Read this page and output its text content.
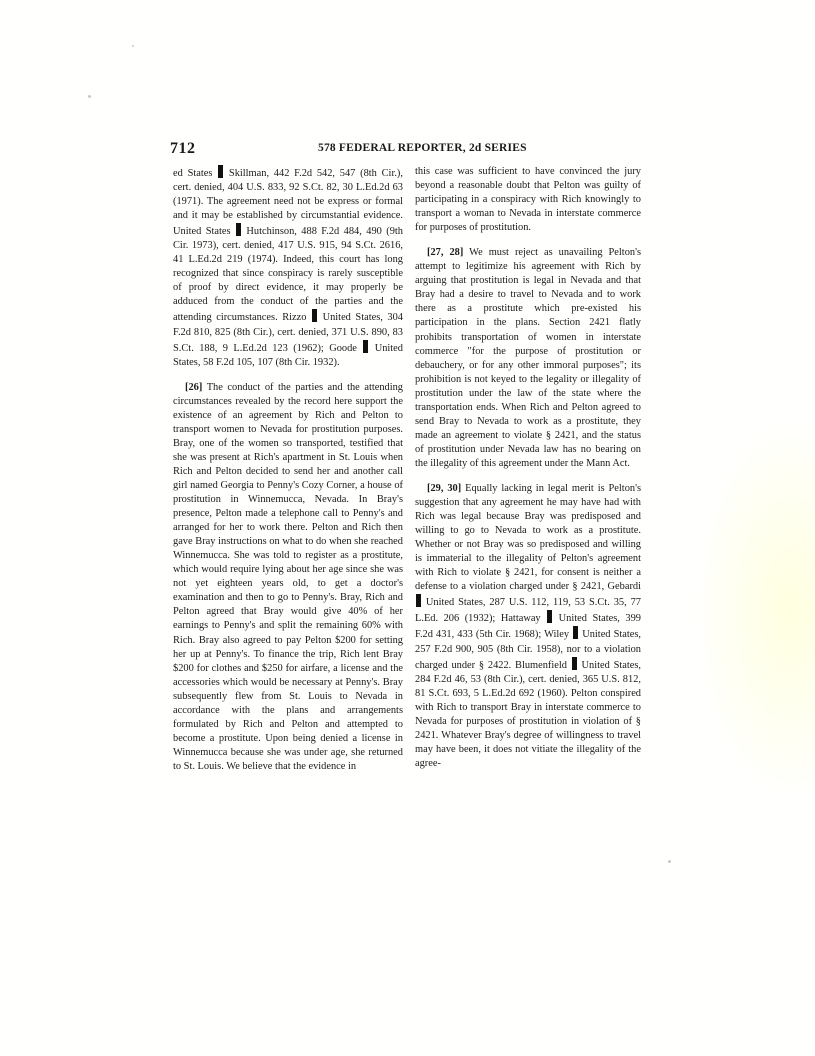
712	578 FEDERAL REPORTER, 2d SERIES

ed States  Skillman, 442 F.2d 542, 547 (8th Cir.), cert. denied, 404 U.S. 833, 92 S.Ct. 82, 30 L.Ed.2d 63 (1971). The agreement need not be express or formal and it may be established by circumstantial evidence. United States  Hutchinson, 488 F.2d 484, 490 (9th Cir. 1973), cert. denied, 417 U.S. 915, 94 S.Ct. 2616, 41 L.Ed.2d 219 (1974). Indeed, this court has long recognized that since conspiracy is rarely susceptible of proof by direct evidence, it may properly be adduced from the conduct of the parties and the attending circumstances. Rizzo  United States, 304 F.2d 810, 825 (8th Cir.), cert. denied, 371 U.S. 890, 83 S.Ct. 188, 9 L.Ed.2d 123 (1962); Goode  United States, 58 F.2d 105, 107 (8th Cir. 1932).

[26] The conduct of the parties and the attending circumstances revealed by the record here support the existence of an agreement by Rich and Pelton to transport women to Nevada for prostitution purposes. Bray, one of the women so transported, testified that she was present at Rich's apartment in St. Louis when Rich and Pelton decided to send her and another call girl named Georgia to Penny's Cozy Corner, a house of prostitution in Winnemucca, Nevada. In Bray's presence, Pelton made a telephone call to Penny's and arranged for her to work there. Pelton and Rich then gave Bray instructions on what to do when she reached Winnemucca. She was told to register as a prostitute, which would require lying about her age since she was not yet eighteen years old, to get a doctor's examination and then to go to Penny's. Bray, Rich and Pelton agreed that Bray would give 40% of her earnings to Penny's and split the remaining 60% with Rich. Bray also agreed to pay Pelton $200 for setting her up at Penny's. To finance the trip, Rich lent Bray $200 for clothes and $250 for airfare, a license and the accessories which would be necessary at Penny's. Bray subsequently flew from St. Louis to Nevada in accordance with the plans and arrangements formulated by Rich and Pelton and attempted to become a prostitute. Upon being denied a license in Winnemucca because she was under age, she returned to St. Louis. We believe that the evidence in

this case was sufficient to have convinced the jury beyond a reasonable doubt that Pelton was guilty of participating in a conspiracy with Rich knowingly to transport a woman to Nevada in interstate commerce for purposes of prostitution.

[27, 28] We must reject as unavailing Pelton's attempt to legitimize his agreement with Rich by arguing that prostitution is legal in Nevada and that Bray had a desire to travel to Nevada and to work there as a prostitute which pre-existed his participation in the plans. Section 2421 flatly prohibits transportation of women in interstate commerce "for the purpose of prostitution or debauchery, or for any other immoral purposes"; its prohibition is not keyed to the legality or illegality of prostitution under the law of the state where the transportation ends. When Rich and Pelton agreed to send Bray to Nevada to work as a prostitute, they made an agreement to violate § 2421, and the status of prostitution under Nevada law has no bearing on the illegality of this agreement under the Mann Act.

[29, 30] Equally lacking in legal merit is Pelton's suggestion that any agreement he may have had with Rich was legal because Bray was predisposed and willing to go to Nevada to work as a prostitute. Whether or not Bray was so predisposed and willing is immaterial to the illegality of Pelton's agreement with Rich to violate § 2421, for consent is neither a defense to a violation charged under § 2421, Gebardi  United States, 287 U.S. 112, 119, 53 S.Ct. 35, 77 L.Ed. 206 (1932); Hattaway  United States, 399 F.2d 431, 433 (5th Cir. 1968); Wiley  United States, 257 F.2d 900, 905 (8th Cir. 1958), nor to a violation charged under § 2422. Blumenfield  United States, 284 F.2d 46, 53 (8th Cir.), cert. denied, 365 U.S. 812, 81 S.Ct. 693, 5 L.Ed.2d 692 (1960). Pelton conspired with Rich to transport Bray in interstate commerce to Nevada for purposes of prostitution in violation of § 2421. Whatever Bray's degree of willingness to travel may have been, it does not vitiate the illegality of the agree-
